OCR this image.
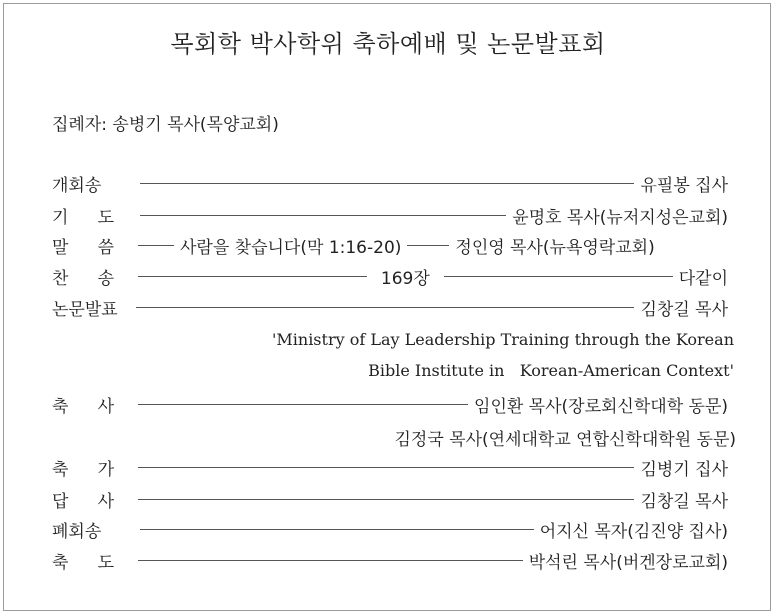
목회학 박사학위 축하예배 및 논문발표회
집례자: 송병기 목사(목양교회)
개회송	유필봉 집사
기 도	윤명호 목사(뉴저지성은교회)
말 씀	사람을 찾습니다(막 1:16-20)	정인영 목사(뉴욕영락교회)
찬 송	169장	다같이
논문발표	김창길 목사
'Ministry of Lay Leadership Training through the Korean
Bible Institute in   Korean-American Context'
축 사	임인환 목사(장로회신학대학 동문)
김정국 목사(연세대학교 연합신학대학원 동문)
축 가	김병기 집사
답 사	김창길 목사
폐회송	어지신 목자(김진양 집사)
축 도	박석린 목사(버겐장로교회)
